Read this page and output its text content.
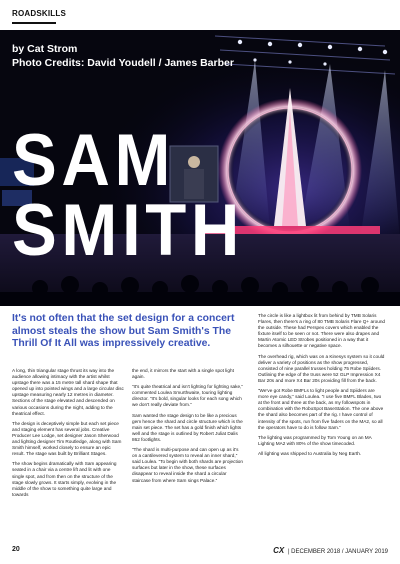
ROADSKILLS
by Cat Strom
Photo Credits: David Youdell / James Barber
SAM
SMITH
It's not often that the set design for a concert almost steals the show but Sam Smith's The Thrill Of It All was impressively creative.

A long, thin triangular stage thrust its way into the audience allowing intimacy with the artist whilst upstage there was a 15 metre tall shard shape that opened up into pointed wings and a large circular disc upstage measuring nearly 12 metres in diameter. Sections of the stage elevated and descended on various occasions during the night, adding to the theatrical effect.

The design is deceptively simple but each set piece and staging element has several jobs. Creative Producer Lee Lodge, set designer Jason Sherwood and lighting designer Tim Routledge, along with Sam Smith himself, worked closely to ensure an epic result. The stage was built by Brilliant Stages.

The show begins dramatically with Sam appearing seated in a chair via a centre lift and lit with one single spot, and from then on the structure of the stage slowly grows. It starts simply, evolving in the middle of the show to something quite large and towards

the end, it mirrors the start with a single spot light again.

“It's quite theatrical and isn't lighting for lighting sake,” commented Loulea Smurthwaite, touring lighting director. “It's bold, singular looks for each song which we don't really deviate from.”

Sam wanted the stage design to be like a precious gem hence the shard and circle structure which is the main set piece. The set has a gold finish which lights well and the stage is outlined by Robert Juliat Dalis 862 footlights.

“The shard is multi-purpose and can open up as it's on a cantilevered system to reveal an inner shard,” said Loulea. “To begin with both shards are projection surfaces but later in the show, these surfaces disappear to reveal inside the shard a circular staircase from where Sam sings Palace.”

The circle is like a lightbox lit from behind by TMB Solaris Flares, then there's a ring of 80 TMB Solaris Flare Q+ around the outside. These had Perspex covers which enabled the fixture itself to be seen or not. There were also drapes and Martin Atomic LED Strobes positioned in a way that it becomes a silhouette or negative space.

The overhead rig, which was on a Kinesys system so it could deliver a variety of positions as the show progressed, consisted of nine parallel trusses holding 75 Robe Spiiders. Outlining the edge of the truss were 52 GLP Impression X4 Bar 20s and more X4 Bar 20s providing fill from the back.

“We've got Robe BMFLs to light people and Spiiders are more eye candy,” said Loulea. “I use five BMFL Blades, two at the front and three at the back, as my followspots in combination with the RoboSpot BaseStation. The one above the shard also becomes part of the rig. I have control of intensity of the spots, run from five faders on the MA2, so all the operators have to do is follow Sam.”

The lighting was programmed by Tom Young on an MA Lighting MA2 with 80% of the show timecoded.

All lighting was shipped to Australia by Neg Earth.

20	CX | DECEMBER 2018 / JANUARY 2019
